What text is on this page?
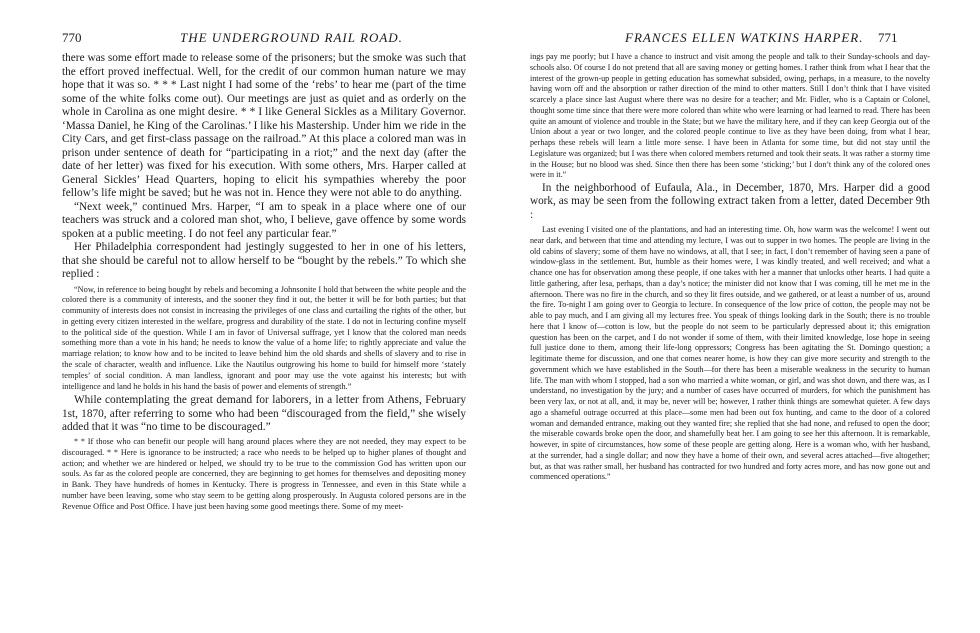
770	THE UNDERGROUND RAIL ROAD.

there was some effort made to release some of the prisoners; but the smoke was such that the effort proved ineffectual. Well, for the credit of our common human nature we may hope that it was so. * * * Last night I had some of the ‘rebs’ to hear me (part of the time some of the white folks come out). Our meetings are just as quiet and as orderly on the whole in Carolina as one might desire. * * I like General Sickles as a Military Governor. ‘Massa Daniel, he King of the Carolinas.’ I like his Mastership. Under him we ride in the City Cars, and get first-class passage on the railroad.” At this place a colored man was in prison under sentence of death for “participating in a riot;” and the next day (after the date of her letter) was fixed for his execution. With some others, Mrs. Harper called at General Sickles’ Head Quarters, hoping to elicit his sympathies whereby the poor fellow’s life might be saved; but he was not in. Hence they were not able to do anything.

“Next week,” continued Mrs. Harper, “I am to speak in a place where one of our teachers was struck and a colored man shot, who, I believe, gave offence by some words spoken at a public meeting. I do not feel any particular fear.”

Her Philadelphia correspondent had jestingly suggested to her in one of his letters, that she should be careful not to allow herself to be “bought by the rebels.” To which she replied :

“Now, in reference to being bought by rebels and becoming a Johnsonite I hold that between the white people and the colored there is a community of interests, and the sooner they find it out, the better it will be for both parties; but that community of interests does not consist in increasing the privileges of one class and curtailing the rights of the other, but in getting every citizen interested in the welfare, progress and durability of the state. I do not in lecturing confine myself to the political side of the question. While I am in favor of Universal suffrage, yet I know that the colored man needs something more than a vote in his hand; he needs to know the value of a home life; to rightly appreciate and value the marriage relation; to know how and to be incited to leave behind him the old shards and shells of slavery and to rise in the scale of character, wealth and influence. Like the Nautilus outgrowing his home to build for himself more ‘stately temples’ of social condition. A man landless, ignorant and poor may use the vote against his interests; but with intelligence and land he holds in his hand the basis of power and elements of strength.”

While contemplating the great demand for laborers, in a letter from Athens, February 1st, 1870, after referring to some who had been “discouraged from the field,” she wisely added that it was “no time to be discouraged.”

* * If those who can benefit our people will hang around places where they are not needed, they may expect to be discouraged. * * Here is ignorance to be instructed; a race who needs to be helped up to higher planes of thought and action; and whether we are hindered or helped, we should try to be true to the commission God has written upon our souls. As far as the colored people are concerned, they are beginning to get homes for themselves and depositing money in Bank. They have hundreds of homes in Kentucky. There is progress in Tennessee, and even in this State while a number have been leaving, some who stay seem to be getting along prosperously. In Augusta colored persons are in the Revenue Office and Post Office. I have just been having some good meetings there. Some of my meet-

FRANCES ELLEN WATKINS HARPER. 771

ings pay me poorly; but I have a chance to instruct and visit among the people and talk to their Sunday-schools and day-schools also. Of course I do not pretend that all are saving money or getting homes. I rather think from what I hear that the interest of the grown-up people in getting education has somewhat subsided, owing, perhaps, in a measure, to the novelty having worn off and the absorption or rather direction of the mind to other matters. Still I don’t think that I have visited scarcely a place since last August where there was no desire for a teacher; and Mr. Fidler, who is a Captain or Colonel, thought some time since that there were more colored than white who were learning or had learned to read. There has been quite an amount of violence and trouble in the State; but we have the military here, and if they can keep Georgia out of the Union about a year or two longer, and the colored people continue to live as they have been doing, from what I hear, perhaps these rebels will learn a little more sense. I have been in Atlanta for some time, but did not stay until the Legislature was organized; but I was there when colored members returned and took their seats. It was rather a stormy time in the House; but no blood was shed. Since then there has been some ‘sticking;’ but I don’t think any of the colored ones were in it.”

In the neighborhood of Eufaula, Ala., in December, 1870, Mrs. Harper did a good work, as may be seen from the following extract taken from a letter, dated December 9th :

Last evening I visited one of the plantations, and had an interesting time. Oh, how warm was the welcome! I went out near dark, and between that time and attending my lecture, I was out to supper in two homes. The people are living in the old cabins of slavery; some of them have no windows, at all, that I see; in fact, I don’t remember of having seen a pane of window-glass in the settlement. But, humble as their homes were, I was kindly treated, and well received; and what a chance one has for observation among these people, if one takes with her a manner that unlocks other hearts. I had quite a little gathering, after lesa, perhaps, than a day’s notice; the minister did not know that I was coming, till he met me in the afternoon. There was no fire in the church, and so they lit fires outside, and we gathered, or at least a number of us, around the fire. To-night I am going over to Georgia to lecture. In consequence of the low price of cotton, the people may not be able to pay much, and I am giving all my lectures free. You speak of things looking dark in the South; there is no trouble here that I know of—cotton is low, but the people do not seem to be particularly depressed about it; this emigration question has been on the carpet, and I do not wonder if some of them, with their limited knowledge, lose hope in seeing full justice done to them, among their life-long oppressors; Congress has been agitating the St. Domingo question; a legitimate theme for discussion, and one that comes nearer home, is how they can give more security and strength to the government which we have established in the South—for there has been a miserable weakness in the security to human life. The man with whom I stopped, had a son who married a white woman, or girl, and was shot down, and there was, as I understand, no investigation by the jury; and a number of cases have occurred of murders, for which the punishment has been very lax, or not at all, and, it may be, never will be; however, I rather think things are somewhat quieter. A few days ago a shameful outrage occurred at this place—some men had been out fox hunting, and came to the door of a colored woman and demanded entrance, making out they wanted fire; she replied that she had none, and refused to open the door; the miserable cowards broke open the door, and shamefully beat her. I am going to see her this afternoon. It is remarkable, however, in spite of circumstances, how some of these people are getting along. Here is a woman who, with her husband, at the surrender, had a single dollar; and now they have a home of their own, and several acres attached—five altogether; but, as that was rather small, her husband has contracted for two hundred and forty acres more, and has now gone out and commenced operations.”
